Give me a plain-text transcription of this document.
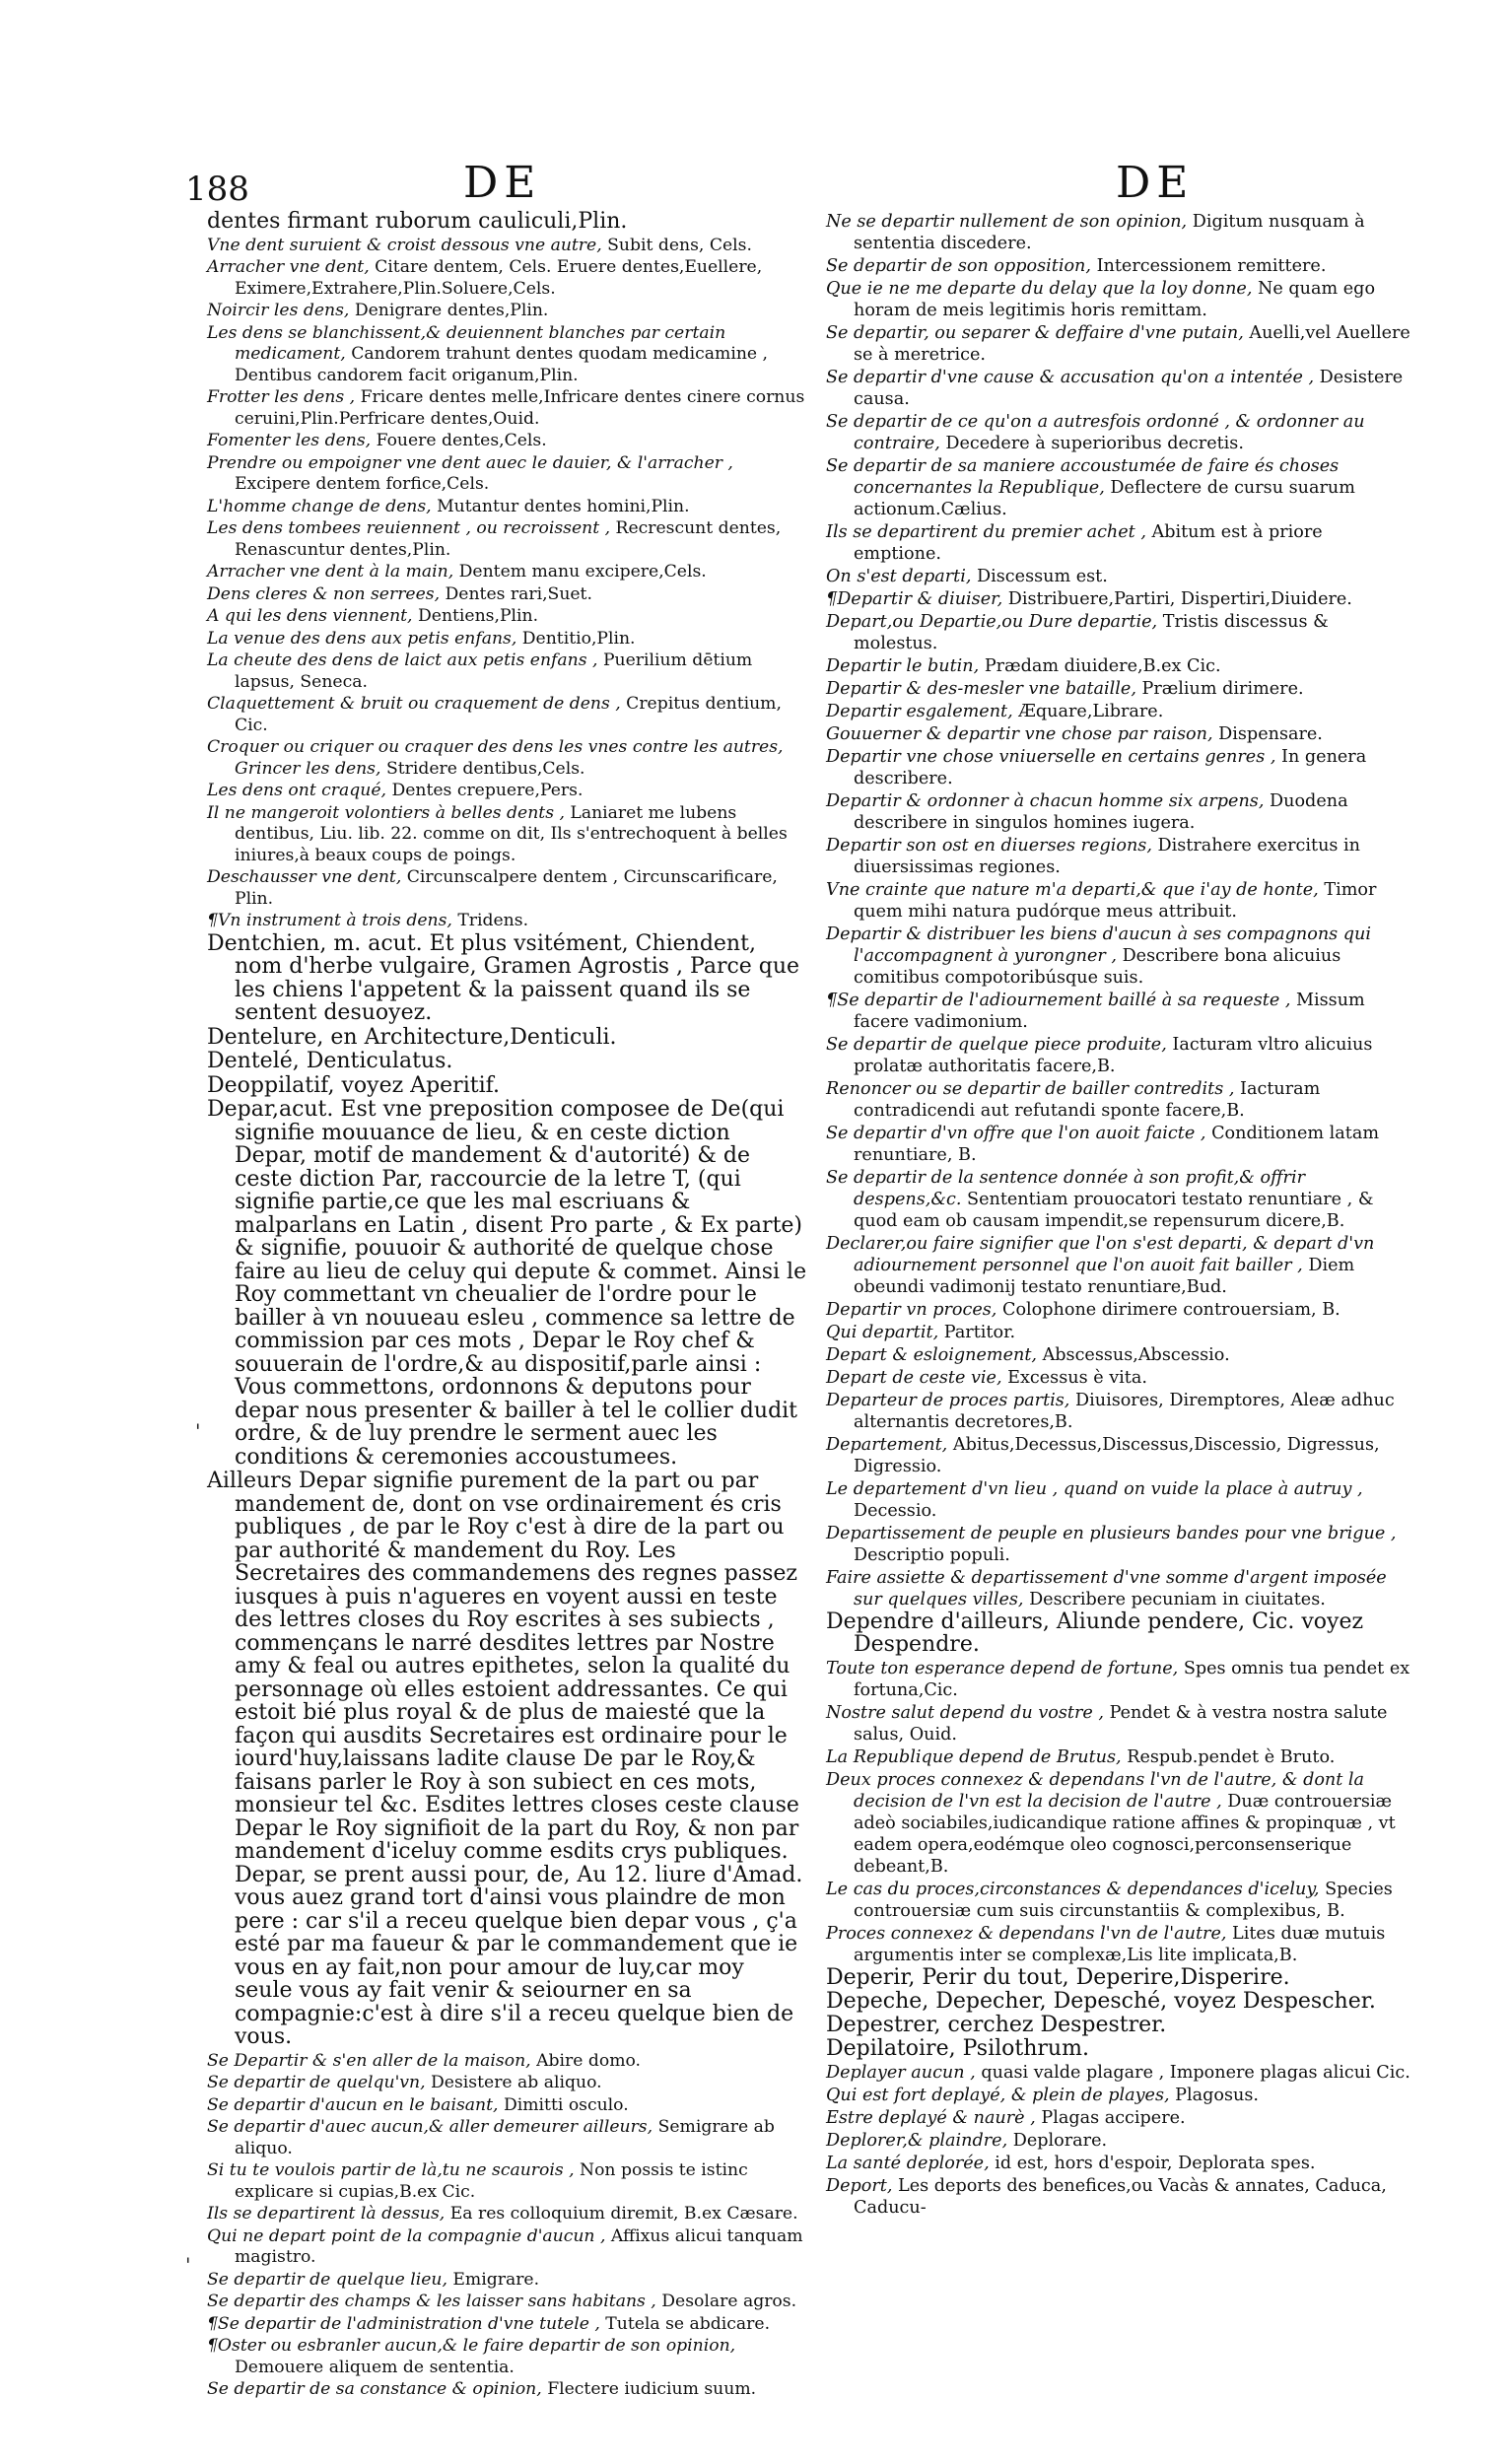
188	DE	DE
dentes firmant ruborum cauliculi,Plin.
Vne dent suruient & croist dessous vne autre, Subit dens, Cels.
Arracher vne dent, Citare dentem, Cels. Eruere dentes,Euellere, Eximere,Extrahere,Plin.Soluere,Cels.
Noircir les dens, Denigrare dentes,Plin.
Les dens se blanchissent,& deuiennent blanches par certain medicament, Candorem trahunt dentes quodam medicamine , Dentibus candorem facit origanum,Plin.
Frotter les dens , Fricare dentes melle,Infricare dentes cinere cornus ceruini,Plin.Perfricare dentes,Ouid.
Fomenter les dens, Fouere dentes,Cels.
Prendre ou empoigner vne dent auec le dauier, & l'arracher , Excipere dentem forfice,Cels.
L'homme change de dens, Mutantur dentes homini,Plin.
Les dens tombees reuiennent , ou recroissent , Recrescunt dentes, Renascuntur dentes,Plin.
Arracher vne dent à la main, Dentem manu excipere,Cels.
Dens cleres & non serrees, Dentes rari,Suet.
A qui les dens viennent, Dentiens,Plin.
La venue des dens aux petis enfans, Dentitio,Plin.
La cheute des dens de laict aux petis enfans , Puerilium dētium lapsus, Seneca.
Claquettement & bruit ou craquement de dens , Crepitus dentium, Cic.
Croquer ou criquer ou craquer des dens les vnes contre les autres, Grincer les dens, Stridere dentibus,Cels.
Les dens ont craqué, Dentes crepuere,Pers.
Il ne mangeroit volontiers à belles dents , Laniaret me lubens dentibus, Liu. lib. 22. comme on dit, Ils s'entrechoquent à belles iniures,à beaux coups de poings.
Deschausser vne dent, Circunscalpere dentem , Circunscarificare, Plin.
¶Vn instrument à trois dens, Tridens.
Dentchien, m. acut. Et plus vsitément, Chiendent, nom d'herbe vulgaire, Gramen Agrostis , Parce que les chiens l'appetent & la paissent quand ils se sentent desuoyez.
Dentelure, en Architecture,Denticuli.
Dentelé, Denticulatus.
Deoppilatif, voyez Aperitif.
Depar,acut. Est vne preposition composee de De(qui signifie mouuance de lieu, & en ceste diction Depar, motif de mandement & d'autorité) & de ceste diction Par, raccourcie de la letre T, (qui signifie partie,ce que les mal escriuans & malparlans en Latin , disent Pro parte , & Ex parte) & signifie, pouuoir & authorité de quelque chose faire au lieu de celuy qui depute & commet. Ainsi le Roy commettant vn cheualier de l'ordre pour le bailler à vn nouueau esleu , commence sa lettre de commission par ces mots , Depar le Roy chef & souuerain de l'ordre,& au dispositif,parle ainsi : Vous commettons, ordonnons & deputons pour depar nous presenter & bailler à tel le collier dudit ordre, & de luy prendre le serment auec les conditions & ceremonies accoustumees.
Ailleurs Depar signifie purement de la part ou par mandement de, dont on vse ordinairement és cris publiques , de par le Roy c'est à dire de la part ou par authorité & mandement du Roy. Les Secretaires des commandemens des regnes passez iusques à puis n'agueres en voyent aussi en teste des lettres closes du Roy escrites à ses subiects , commençans le narré desdites lettres par Nostre amy & feal ou autres epithetes, selon la qualité du personnage où elles estoient addressantes. Ce qui estoit bié plus royal & de plus de maiesté que la façon qui ausdits Secretaires est ordinaire pour le iourd'huy,laissans ladite clause De par le Roy,& faisans parler le Roy à son subiect en ces mots, monsieur tel &c. Esdites lettres closes ceste clause Depar le Roy signifioit de la part du Roy, & non par mandement d'iceluy comme esdits crys publiques. Depar, se prent aussi pour, de, Au 12. liure d'Amad. vous auez grand tort d'ainsi vous plaindre de mon pere : car s'il a receu quelque bien depar vous , ç'a esté par ma faueur & par le commandement que ie vous en ay fait,non pour amour de luy,car moy seule vous ay fait venir & seiourner en sa compagnie:c'est à dire s'il a receu quelque bien de vous.
Se Departir & s'en aller de la maison, Abire domo.
Se departir de quelqu'vn, Desistere ab aliquo.
Se departir d'aucun en le baisant, Dimitti osculo.
Se departir d'auec aucun,& aller demeurer ailleurs, Semigrare ab aliquo.
Si tu te voulois partir de là,tu ne scaurois , Non possis te istinc explicare si cupias,B.ex Cic.
Ils se departirent là dessus, Ea res colloquium diremit, B.ex Cæsare.
Qui ne depart point de la compagnie d'aucun , Affixus alicui tanquam magistro.
Se departir de quelque lieu, Emigrare.
Se departir des champs & les laisser sans habitans , Desolare agros.
¶Se departir de l'administration d'vne tutele , Tutela se abdicare.
¶Oster ou esbranler aucun,& le faire departir de son opinion, Demouere aliquem de sententia.
Se departir de sa constance & opinion, Flectere iudicium suum.
Ne se departir nullement de son opinion, Digitum nusquam à sententia discedere.
Se departir de son opposition, Intercessionem remittere.
Que ie ne me departe du delay que la loy donne, Ne quam ego horam de meis legitimis horis remittam.
Se departir, ou separer & deffaire d'vne putain, Auelli,vel Auellere se à meretrice.
Se departir d'vne cause & accusation qu'on a intentée , Desistere causa.
Se departir de ce qu'on a autresfois ordonné , & ordonner au contraire, Decedere à superioribus decretis.
Se departir de sa maniere accoustumée de faire és choses concernantes la Republique, Deflectere de cursu suarum actionum.Cælius.
Ils se departirent du premier achet , Abitum est à priore emptione.
On s'est departi, Discessum est.
¶Departir & diuiser, Distribuere,Partiri, Dispertiri,Diuidere.
Depart,ou Departie,ou Dure departie, Tristis discessus & molestus.
Departir le butin, Prædam diuidere,B.ex Cic.
Departir & des-mesler vne bataille, Prælium dirimere.
Departir esgalement, Æquare,Librare.
Gouuerner & departir vne chose par raison, Dispensare.
Departir vne chose vniuerselle en certains genres , In genera describere.
Departir & ordonner à chacun homme six arpens, Duodena describere in singulos homines iugera.
Departir son ost en diuerses regions, Distrahere exercitus in diuersissimas regiones.
Vne crainte que nature m'a departi,& que i'ay de honte, Timor quem mihi natura pudórque meus attribuit.
Departir & distribuer les biens d'aucun à ses compagnons qui l'accompagnent à yurongner , Describere bona alicuius comitibus compotoribúsque suis.
¶Se departir de l'adiournement baillé à sa requeste , Missum facere vadimonium.
Se departir de quelque piece produite, Iacturam vltro alicuius prolatæ authoritatis facere,B.
Renoncer ou se departir de bailler contredits , Iacturam contradicendi aut refutandi sponte facere,B.
Se departir d'vn offre que l'on auoit faicte , Conditionem latam renuntiare, B.
Se departir de la sentence donnée à son profit,& offrir despens,&c. Sententiam prouocatori testato renuntiare , & quod eam ob causam impendit,se repensurum dicere,B.
Declarer,ou faire signifier que l'on s'est departi, & depart d'vn adiournement personnel que l'on auoit fait bailler , Diem obeundi vadimonij testato renuntiare,Bud.
Departir vn proces, Colophone dirimere controuersiam, B.
Qui departit, Partitor.
Depart & esloignement, Abscessus,Abscessio.
Depart de ceste vie, Excessus è vita.
Departeur de proces partis, Diuisores, Diremptores, Aleæ adhuc alternantis decretores,B.
Departement, Abitus,Decessus,Discessus,Discessio, Digressus, Digressio.
Le departement d'vn lieu , quand on vuide la place à autruy , Decessio.
Departissement de peuple en plusieurs bandes pour vne brigue , Descriptio populi.
Faire assiette & departissement d'vne somme d'argent imposée sur quelques villes, Describere pecuniam in ciuitates.
Dependre d'ailleurs, Aliunde pendere, Cic. voyez Despendre.
Toute ton esperance depend de fortune, Spes omnis tua pendet ex fortuna,Cic.
Nostre salut depend du vostre , Pendet & à vestra nostra salute salus, Ouid.
La Republique depend de Brutus, Respub.pendet è Bruto.
Deux proces connexez & dependans l'vn de l'autre, & dont la decision de l'vn est la decision de l'autre , Duæ controuersiæ adeò sociabiles,iudicandique ratione affines & propinquæ , vt eadem opera,eodémque oleo cognosci,perconsenserique debeant,B.
Le cas du proces,circonstances & dependances d'iceluy, Species controuersiæ cum suis circunstantiis & complexibus, B.
Proces connexez & dependans l'vn de l'autre, Lites duæ mutuis argumentis inter se complexæ,Lis lite implicata,B.
Deperir, Perir du tout, Deperire,Disperire.
Depeche, Depecher, Depesché, voyez Despescher.
Depestrer, cerchez Despestrer.
Depilatoire, Psilothrum.
Deplayer aucun , quasi valde plagare , Imponere plagas alicui Cic.
Qui est fort deplayé, & plein de playes, Plagosus.
Estre deplayé & naurè , Plagas accipere.
Deplorer,& plaindre, Deplorare.
La santé deplorée, id est, hors d'espoir, Deplorata spes.
Deport, Les deports des benefices,ou Vacàs & annates, Caduca, Caducu-
'
'
